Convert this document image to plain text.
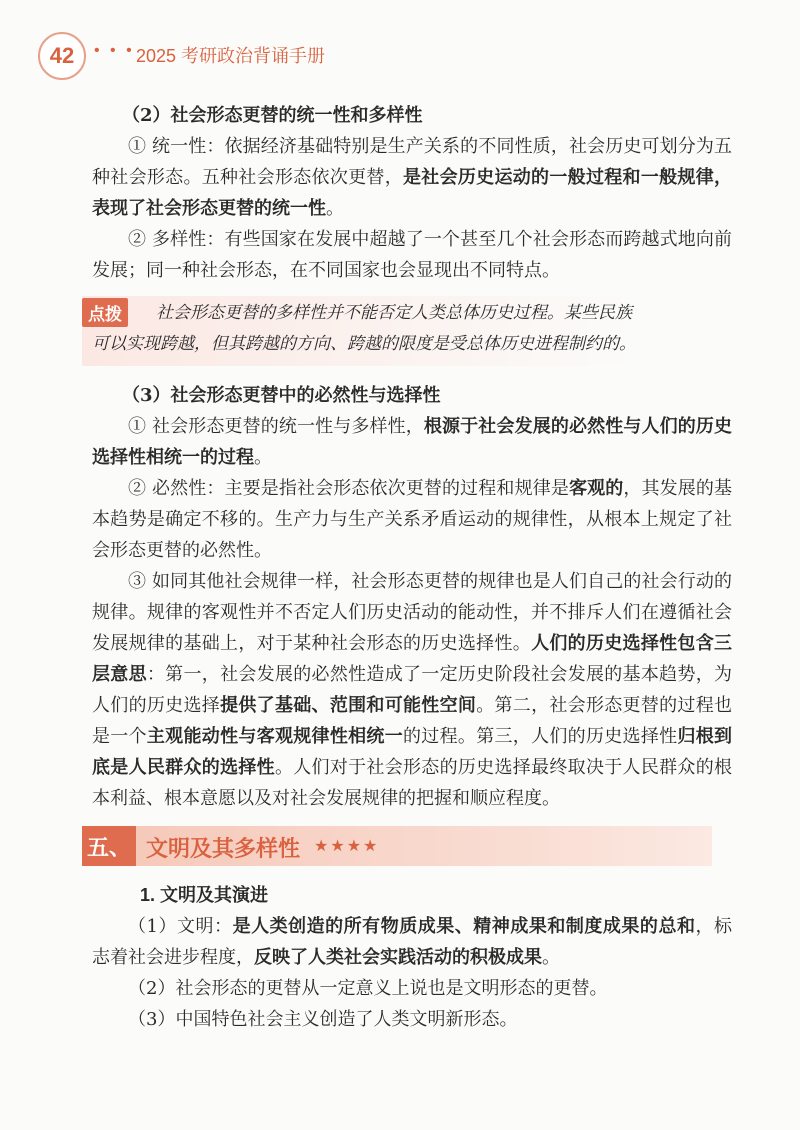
42	• • • 2025 考研政治背诵手册
（2）社会形态更替的统一性和多样性

① 统一性：依据经济基础特别是生产关系的不同性质，社会历史可划分为五种社会形态。五种社会形态依次更替，是社会历史运动的一般过程和一般规律，表现了社会形态更替的统一性。

② 多样性：有些国家在发展中超越了一个甚至几个社会形态而跨越式地向前发展；同一种社会形态，在不同国家也会显现出不同特点。

点拨	社会形态更替的多样性并不能否定人类总体历史过程。某些民族

可以实现跨越，但其跨越的方向、跨越的限度是受总体历史进程制约的。

（3）社会形态更替中的必然性与选择性

① 社会形态更替的统一性与多样性，根源于社会发展的必然性与人们的历史选择性相统一的过程。

② 必然性：主要是指社会形态依次更替的过程和规律是客观的，其发展的基本趋势是确定不移的。生产力与生产关系矛盾运动的规律性，从根本上规定了社会形态更替的必然性。

③ 如同其他社会规律一样，社会形态更替的规律也是人们自己的社会行动的规律。规律的客观性并不否定人们历史活动的能动性，并不排斥人们在遵循社会发展规律的基础上，对于某种社会形态的历史选择性。人们的历史选择性包含三层意思：第一，社会发展的必然性造成了一定历史阶段社会发展的基本趋势，为人们的历史选择提供了基础、范围和可能性空间。第二，社会形态更替的过程也是一个主观能动性与客观规律性相统一的过程。第三，人们的历史选择性归根到底是人民群众的选择性。人们对于社会形态的历史选择最终取决于人民群众的根本利益、根本意愿以及对社会发展规律的把握和顺应程度。

五、 文明及其多样性 ★★★★
1. 文明及其演进

（1）文明：是人类创造的所有物质成果、精神成果和制度成果的总和，标志着社会进步程度，反映了人类社会实践活动的积极成果。

（2）社会形态的更替从一定意义上说也是文明形态的更替。

（3）中国特色社会主义创造了人类文明新形态。
